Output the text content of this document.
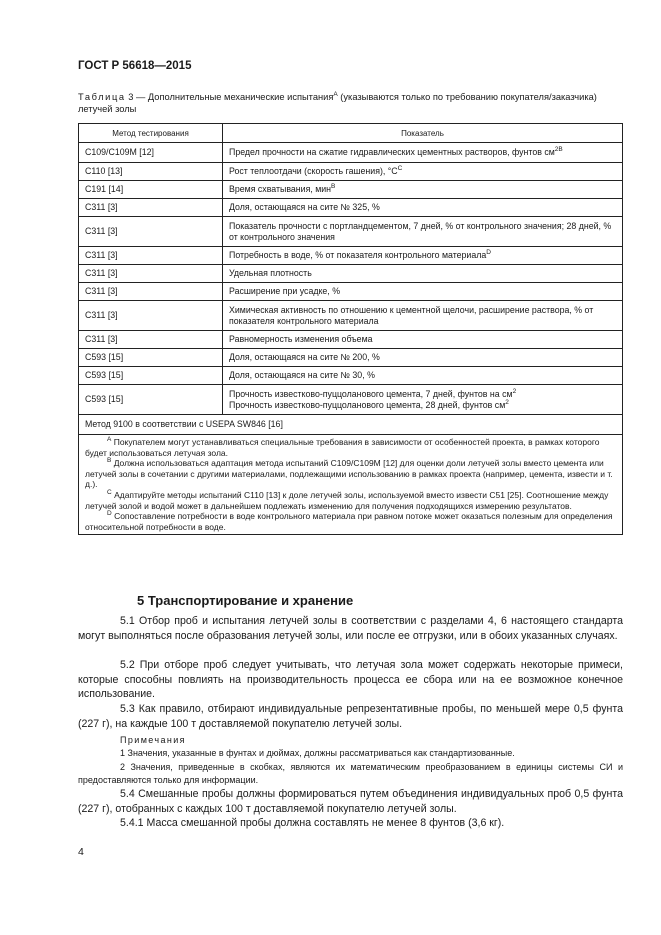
ГОСТ Р 56618—2015
Таблица 3 — Дополнительные механические испытания$^A$ (указываются только по требованию покупателя/заказчика) летучей золы
Метод тестирования	Показатель
С109/С109М [12]	Предел прочности на сжатие гидравлических цементных растворов, фунтов $см^{2B}$
С110 [13]	Рост теплоотдачи (скорость гашения), $^\circ С^C$
С191 [14]	Время схватывания, мин$^B$
С311 [3]	Доля, остающаяся на сите № 325, %
С311 [3]	Показатель прочности с портландцементом, 7 дней, % от контрольного значения; 28 дней, % от контрольного значения
С311 [3]	Потребность в воде, % от показателя контрольного материала$^D$
С311 [3]	Удельная плотность
С311 [3]	Расширение при усадке, %
С311 [3]	Химическая активность по отношению к цементной щелочи, расширение раствора, % от показателя контрольного материала
С311 [3]	Равномерность изменения объема
С593 [15]	Доля, остающаяся на сите № 200, %
С593 [15]	Доля, остающаяся на сите № 30, %
С593 [15]	Прочность известково-пуццоланового цемента, 7 дней, фунтов на $см^2$
Прочность известково-пуццоланового цемента, 28 дней, фунтов $см^2$

Метод 9100 в соответствии с USEPA SW846 [16]	

$^A$ Покупателем могут устанавливаться специальные требования в зависимости от особенностей проекта, в рамках которого будет использоваться летучая зола.

$^B$ Должна использоваться адаптация метода испытаний С109/С109М [12] для оценки доли летучей золы вместо цемента или летучей золы в сочетании с другими материалами, подлежащими использованию в рамках проекта (например, цемента, извести и т. д.).

$^C$ Адаптируйте методы испытаний С110 [13] к доле летучей золы, используемой вместо извести С51 [25]. Соотношение между летучей золой и водой может в дальнейшем подлежать изменению для получения подходящихся измерению результатов.

$^D$ Сопоставление потребности в воде контрольного материала при равном потоке может оказаться полезным для определения относительной потребности в воде.	

5 Транспортирование и хранение

5.1 Отбор проб и испытания летучей золы в соответствии с разделами 4, 6 настоящего стандарта могут выполняться после образования летучей золы, или после ее отгрузки, или в обоих указанных случаях.

5.2 При отборе проб следует учитывать, что летучая зола может содержать некоторые примеси, которые способны повлиять на производительность процесса ее сбора или на ее возможное конечное использование.

5.3 Как правило, отбирают индивидуальные репрезентативные пробы, по меньшей мере 0,5 фунта (227 г), на каждые 100 т доставляемой покупателю летучей золы.

Примечания

1 Значения, указанные в фунтах и дюймах, должны рассматриваться как стандартизованные.

2 Значения, приведенные в скобках, являются их математическим преобразованием в единицы системы СИ и предоставляются только для информации.

5.4 Смешанные пробы должны формироваться путем объединения индивидуальных проб 0,5 фунта (227 г), отобранных с каждых 100 т доставляемой покупателю летучей золы.

5.4.1 Масса смешанной пробы должна составлять не менее 8 фунтов (3,6 кг).

4
